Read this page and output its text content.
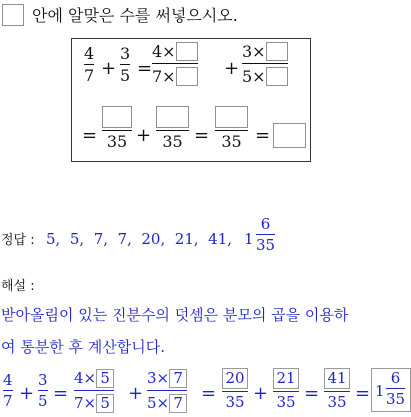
안에 알맞은 수를 써넣으시오.
4
7 +
3
5 =
4×
7×	+
3×
5×
= 35 + 35 = 35 =
정답 : 5,  5,  7,  7,  20,  21,  41, 1
6
35
해설 :
받아올림이 있는 진분수의 덧셈은 분모의 곱을 이용하
여 통분한 후 계산합니다.
4
7 +
3
5 =
4× 5
7× 5 +
3× 7
5× 7 =
20
35 +
21
35 =
41
35 = 1
6
35
